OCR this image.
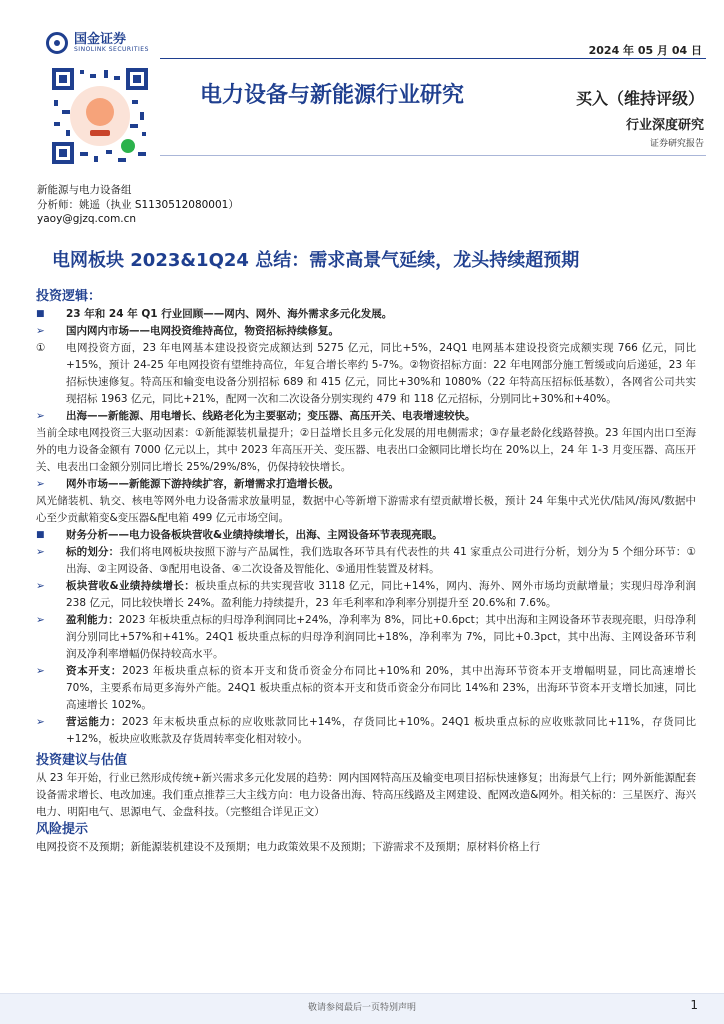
国金证券
SINOLINK SECURITIES	2024 年 05 月 04 日
电力设备与新能源行业研究	买入（维持评级）
行业深度研究
证券研究报告
新能源与电力设备组
分析师：姚遥（执业 S1130512080001）
yaoy@gjzq.com.cn
电网板块 2023&1Q24 总结：需求高景气延续，龙头持续超预期
投资逻辑：
■	23 年和 24 年 Q1 行业回顾——网内、网外、海外需求多元化发展。
➢	国内网内市场——电网投资维持高位，物资招标持续修复。
①	电网投资方面，23 年电网基本建设投资完成额达到 5275 亿元，同比+5%，24Q1 电网基本建设投资完成额实现 766 亿元，同比+15%，预计 24-25 年电网投资有望维持高位，年复合增长率约 5-7%。②物资招标方面：22 年电网部分施工暂缓或向后递延，23 年招标快速修复。特高压和输变电设备分别招标 689 和 415 亿元，同比+30%和 1080%（22 年特高压招标低基数），各网省公司共实现招标 1963 亿元，同比+21%，配网一次和二次设备分别实现约 479 和 118 亿元招标，分别同比+30%和+40%。
➢	出海——新能源、用电增长、线路老化为主要驱动；变压器、高压开关、电表增速较快。

当前全球电网投资三大驱动因素：①新能源装机量提升；②日益增长且多元化发展的用电侧需求；③存量老龄化线路替换。23 年国内出口至海外的电力设备金额有 7000 亿元以上，其中 2023 年高压开关、变压器、电表出口金额同比增长均在 20%以上，24 年 1-3 月变压器、高压开关、电表出口金额分别同比增长 25%/29%/8%，仍保持较快增长。

➢	网外市场——新能源下游持续扩容，新增需求打造增长极。

风光储装机、轨交、核电等网外电力设备需求放量明显，数据中心等新增下游需求有望贡献增长极，预计 24 年集中式光伏/陆风/海风/数据中心至少贡献箱变&变压器&配电箱 499 亿元市场空间。

■	财务分析——电力设备板块营收&业绩持续增长，出海、主网设备环节表现亮眼。
➢	标的划分：我们将电网板块按照下游与产品属性，我们选取各环节具有代表性的共 41 家重点公司进行分析，划分为 5 个细分环节：①出海、②主网设备、③配用电设备、④二次设备及智能化、⑤通用性装置及材料。
➢	板块营收&业绩持续增长：板块重点标的共实现营收 3118 亿元，同比+14%，网内、海外、网外市场均贡献增量；实现归母净利润 238 亿元，同比较快增长 24%。盈利能力持续提升，23 年毛利率和净利率分别提升至 20.6%和 7.6%。
➢	盈利能力：2023 年板块重点标的归母净利润同比+24%，净利率为 8%，同比+0.6pct；其中出海和主网设备环节表现亮眼，归母净利润分别同比+57%和+41%。24Q1 板块重点标的归母净利润同比+18%，净利率为 7%，同比+0.3pct，其中出海、主网设备环节利润及净利率增幅仍保持较高水平。
➢	资本开支：2023 年板块重点标的资本开支和货币资金分布同比+10%和 20%，其中出海环节资本开支增幅明显，同比高速增长 70%，主要系布局更多海外产能。24Q1 板块重点标的资本开支和货币资金分布同比 14%和 23%，出海环节资本开支增长加速，同比高速增长 102%。
➢	营运能力：2023 年末板块重点标的应收账款同比+14%，存货同比+10%。24Q1 板块重点标的应收账款同比+11%，存货同比+12%，板块应收账款及存货周转率变化相对较小。
投资建议与估值

从 23 年开始，行业已然形成传统+新兴需求多元化发展的趋势：网内国网特高压及输变电项目招标快速修复；出海景气上行；网外新能源配套设备需求增长、电改加速。我们重点推荐三大主线方向：电力设备出海、特高压线路及主网建设、配网改造&网外。相关标的：三星医疗、海兴电力、明阳电气、思源电气、金盘科技。（完整组合详见正文）

风险提示

电网投资不及预期；新能源装机建设不及预期；电力政策效果不及预期；下游需求不及预期；原材料价格上行

敬请参阅最后一页特别声明	1
